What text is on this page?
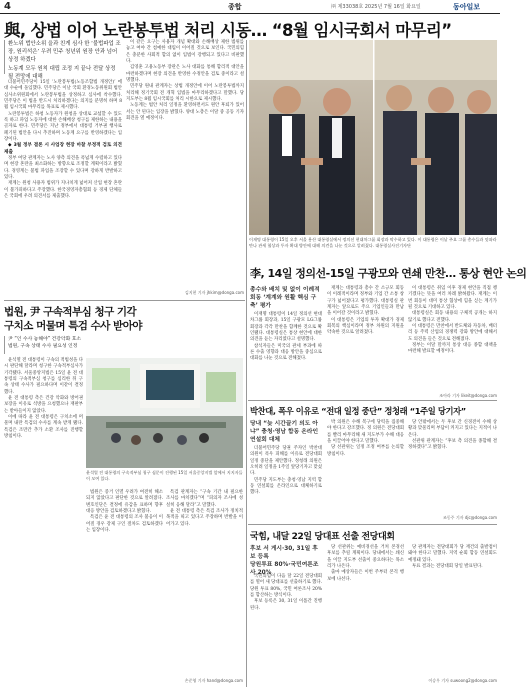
4	종합	㈜ 제33038호 2025년 7월 16일 화요일	동아일보
與, 상법 이어 노란봉투법 처리 시동… “8월 임시국회서 마무리”
환노위 법안소위 을과 친게 심사 한 ‘불법파업 조장, 원리석은’ 우려 민주 청년위 원장 안과 넘어 상정 하겠다
노동계 모두 원칙 대립 조정 지 끝나 전달 상정 될 전망에 대해

더불어민주당이 15일 ‘노란봉투법(노동조합법 개정안)’ 에대 수순에 돌입했다. 민주당은 이날 국회 환경노동위원회 법안심사소위원회에서 노란봉투법을 상정하고 심사에 착수했다. 민주당은 이 법을 반드시 처리하겠다는 의지를 분명히 하며 8월 임시국회 마무리를 목표로 제시했다.

노란봉투법은 하청 노동자가 원청을 상대로 교섭할 수 있도록 하고 파업 노동자에 대한 손해배상 청구를 제한하는 내용을 골자로 한다. 민주당은 지난 정부에서 대통령 거부권 행사로 폐기된 법안을 다시 추진하며 노동계 요구를 반영하겠다는 입장이다.

◆ 3월 정부 결론 시 사업장 현장 마찰 부정적 검토 의견 제출

정부 여당 관계자는 노사 양측 의견을 폭넓게 수렴하고 있다며 현장 혼란을 최소화하는 방향으로 조정할 계획이라고 밝혔다. 경영계는 불법 파업을 조장할 수 있다며 강하게 반발하고 있다.

재계는 원청 사용자 범위가 지나치게 넓어져 산업 현장 혼란이 불가피하다고 주장했다. 한국경영자총협회 등 경제 단체들은 국회에 우려 의견서를 제출했다.

이 같은 요구는 사용자 개념 확대와 손해배상 제한 범위를 놓고 여야 간 첨예한 대립이 이어질 것으로 보인다. 국민의힘은 충분한 사회적 합의 없이 입법이 강행되고 있다고 비판했다.

김영훈 고용노동부 장관은 노사 대화를 통해 합리적 대안을 마련하겠다며 현장 의견을 반영한 수정안을 검토 중이라고 설명했다.

민주당 원내 관계자는 상법 개정안에 이어 노란봉투법까지 처리해 정기국회 전 개혁 입법을 마무리하겠다고 말했다. 당 지도부는 8월 임시국회를 처리 시한으로 제시했다.

노동계는 법안 처리 일정을 환영하면서도 원안 후퇴가 있어서는 안 된다는 입장을 밝혔다. 양대 노총은 이달 중 공동 기자회견을 열 예정이다.

이재명 대통령이 15일 오후 서울 용산 대통령실에서 정의선 현대차그룹 회장과 악수하고 있다. 이 대통령은 이날 주요 그룹 총수들과 잇따라 만나 관세 협상과 투자 확대 방안에 대해 의견을 나눈 것으로 알려졌다. 대통령실사진기자단
李, 14일 정의선-15일 구광모와 연쇄 만찬… 통상 현안 논의
총수와 배치 및 없이 이례적 회동 ‘계계와 원활 핵심 구축’ 평가

이재명 대통령이 14일 정의선 현대차그룹 회장과, 15일 구광모 LG그룹 회장과 각각 만찬을 함께한 것으로 확인됐다. 대통령실은 통상 현안에 대한 의견을 듣는 자리였다고 설명했다.

참석자들은 미국의 관세 부과에 따른 수출 영향과 대응 방안을 중심으로 대화를 나눈 것으로 전해졌다.

재계는 대통령과 총수 간 소규모 회동이 이례적이라며 정부와 기업 간 소통 창구가 넓어졌다고 평가했다. 대통령실 관계자는 앞으로도 주요 기업인들과 만남을 이어갈 것이라고 밝혔다.

이 대통령은 기업의 투자 확대가 경제 회복의 핵심이라며 정부 차원의 지원을 약속한 것으로 알려졌다.

이 대통령은 취임 이후 경제 현안을 직접 챙기겠다는 뜻을 여러 차례 밝혀왔다. 재계는 이번 회동이 대미 통상 협상에 힘을 싣는 계기가 될 것으로 기대하고 있다.

대통령실은 회동 내용의 구체적 공개는 하지 않기로 했다고 전했다.

이 대통령은 만찬에서 반도체와 자동차, 배터리 등 주력 산업의 경쟁력 강화 방안에 대해서도 의견을 들은 것으로 전해졌다.

정부는 이달 말까지 통상 대응 종합 대책을 마련해 발표할 예정이다.

조아라 기자 likeit@donga.com
법원, 尹 구속적부심 청구 기각
구치소 머물며 특검 수사 받아야
尹 “인 수사 놓해야” 건강악화 호소
법원, 구속 상태 수사 필요성 인정

윤석열 전 대통령이 구속의 적법성을 다시 판단해 달라며 청구한 구속적부심사가 기각됐다. 서울중앙지법은 15일 윤 전 대통령의 구속적부심 청구를 심리한 뒤 구속 상태 수사가 필요하다며 이같이 결정했다.

윤 전 대통령 측은 건강 악화와 방어권 보장을 이유로 석방을 요청했으나 재판부는 받아들이지 않았다.

이에 따라 윤 전 대통령은 구치소에 머물며 내란 특검의 수사를 계속 받게 됐다. 특검은 조만간 추가 소환 조사를 진행할 방침이다.

윤석열 전 대통령의 구속적부심 청구 심문이 진행된 15일 서울중앙지법 앞에서 지지자들이 모여 있다.

법원은 증거 인멸 우려가 여전히 해소되지 않았다고 판단한 것으로 알려졌다. 변호인단은 결정에 유감을 표하며 향후 대응 방안을 검토하겠다고 밝혔다.

특검은 윤 전 대통령의 조사 불응이 이어질 경우 강제 구인 절차도 검토하겠다는 입장이다.

특검 관계자는 “구속 기간 내 필요한 조사를 마치겠다”며 “피의자 조사에 성실히 응해 달라”고 말했다.

윤 전 대통령 측은 특검 조사가 정치적 목적을 띠고 있다고 주장하며 반발을 이어가고 있다.

손준영 기자 hand@donga.com
박찬대, 폭우 이유로 “전대 일정 중단” 정청래 “1주일 당기자”
당내 “늦 시간끌기 의도 아냐” 충청·영남 합동 온라인 연설회 대체

더불어민주당 당권 주자인 박찬대 의원이 폭우 피해를 이유로 전당대회 일정 중단을 제안했다. 정청래 의원은 오히려 일정을 1주일 앞당기자고 맞섰다.

민주당 지도부는 충청·영남 지역 합동 연설회를 온라인으로 대체하기로 했다.

박 의원은 수해 복구에 당력을 집중해야 한다고 강조했다. 정 의원은 전당대회를 빨리 마무리해 새 지도부가 수해 대응을 이끌어야 한다고 말했다.

당 선관위는 일정 조정 여부를 논의할 방침이다.

당 안팎에서는 두 후보 간 신경전이 수해 상황과 맞물리며 부담이 커지고 있다는 지적이 나온다.

선관위 관계자는 “후보 측 의견을 종합해 결정하겠다”고 밝혔다.

조동주 기자 djc@donga.com
국힘, 내달 22일 당대표 선출 전당대회
후보 서 게시·30, 31일 후보 등록
당원투표 80%·국민여론조사 20%

국민의힘이 다음 달 22일 전당대회를 열어 새 당대표를 선출하기로 했다. 당원 투표 80%, 국민 여론조사 20%를 합산하는 방식이다.

후보 등록은 30, 31일 이틀간 진행된다.

당 선관위는 예비경선을 거쳐 본경선 후보를 추릴 계획이다. 당내에서는 쇄신을 이끌 지도부 선출이 중요하다는 목소리가 나온다.

출마 예상자들은 이번 주부터 본격 행보에 나선다.

당 관계자는 전당대회가 당 재건의 출발점이 돼야 한다고 말했다. 지역 순회 합동 연설회도 예정돼 있다.

투표 결과는 전당대회 당일 발표된다.

이승우 기자 suwoong2@donga.com
김지현 기자 jhkim@donga.com
